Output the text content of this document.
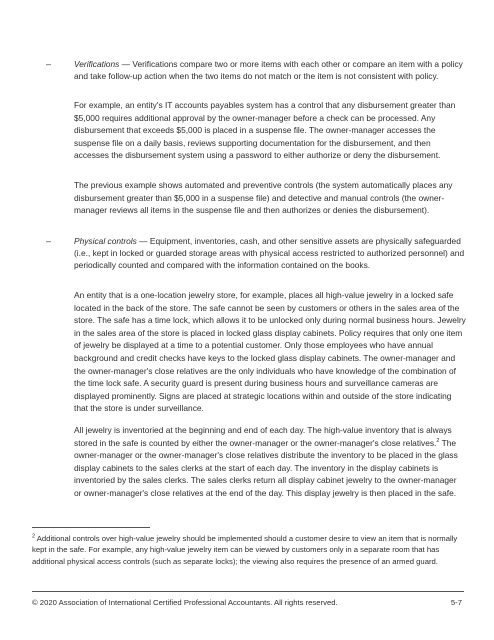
–	Verifications — Verifications compare two or more items with each other or compare an item with a policy and take follow-up action when the two items do not match or the item is not consistent with policy.

For example, an entity's IT accounts payables system has a control that any disbursement greater than $5,000 requires additional approval by the owner-manager before a check can be processed. Any disbursement that exceeds $5,000 is placed in a suspense file. The owner-manager accesses the suspense file on a daily basis, reviews supporting documentation for the disbursement, and then accesses the disbursement system using a password to either authorize or deny the disbursement.

The previous example shows automated and preventive controls (the system automatically places any disbursement greater than $5,000 in a suspense file) and detective and manual controls (the owner-manager reviews all items in the suspense file and then authorizes or denies the disbursement).

–	Physical controls — Equipment, inventories, cash, and other sensitive assets are physically safeguarded (i.e., kept in locked or guarded storage areas with physical access restricted to authorized personnel) and periodically counted and compared with the information contained on the books.

An entity that is a one-location jewelry store, for example, places all high-value jewelry in a locked safe located in the back of the store. The safe cannot be seen by customers or others in the sales area of the store. The safe has a time lock, which allows it to be unlocked only during normal business hours. Jewelry in the sales area of the store is placed in locked glass display cabinets. Policy requires that only one item of jewelry be displayed at a time to a potential customer. Only those employees who have annual background and credit checks have keys to the locked glass display cabinets. The owner-manager and the owner-manager's close relatives are the only individuals who have knowledge of the combination of the time lock safe. A security guard is present during business hours and surveillance cameras are displayed prominently. Signs are placed at strategic locations within and outside of the store indicating that the store is under surveillance.

All jewelry is inventoried at the beginning and end of each day. The high-value inventory that is always stored in the safe is counted by either the owner-manager or the owner-manager's close relatives.$^2$ The owner-manager or the owner-manager's close relatives distribute the inventory to be placed in the glass display cabinets to the sales clerks at the start of each day. The inventory in the display cabinets is inventoried by the sales clerks. The sales clerks return all display cabinet jewelry to the owner-manager or owner-manager's close relatives at the end of the day. This display jewelry is then placed in the safe.

$^2$ Additional controls over high-value jewelry should be implemented should a customer desire to view an item that is normally kept in the safe. For example, any high-value jewelry item can be viewed by customers only in a separate room that has additional physical access controls (such as separate locks); the viewing also requires the presence of an armed guard.

© 2020 Association of International Certified Professional Accountants. All rights reserved.	5-7
